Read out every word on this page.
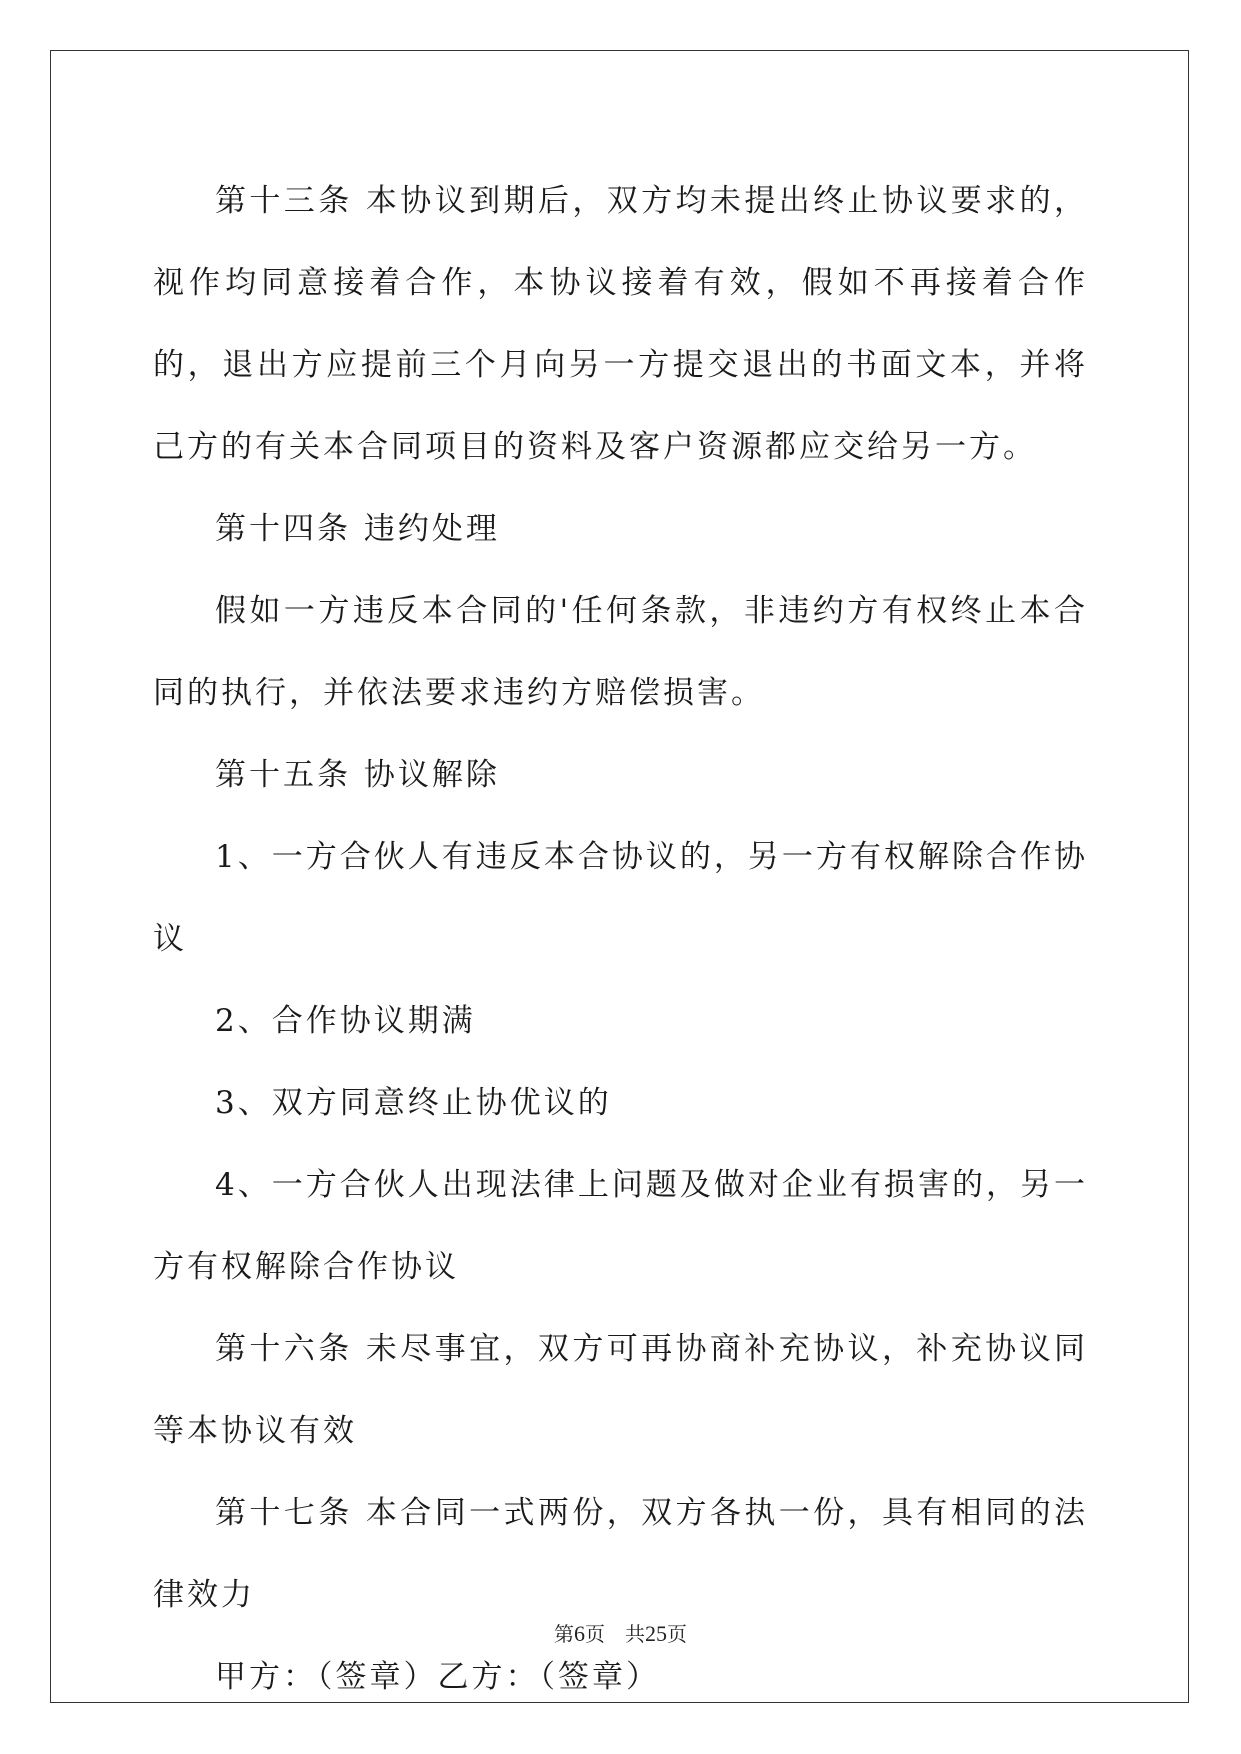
第十三条 本协议到期后，双方均未提出终止协议要求的，视作均同意接着合作，本协议接着有效，假如不再接着合作的，退出方应提前三个月向另一方提交退出的书面文本，并将己方的有关本合同项目的资料及客户资源都应交给另一方。

第十四条 违约处理

假如一方违反本合同的'任何条款，非违约方有权终止本合同的执行，并依法要求违约方赔偿损害。

第十五条 协议解除

1、一方合伙人有违反本合协议的，另一方有权解除合作协议

2、合作协议期满

3、双方同意终止协优议的

4、一方合伙人出现法律上问题及做对企业有损害的，另一方有权解除合作协议

第十六条 未尽事宜，双方可再协商补充协议，补充协议同等本协议有效

第十七条 本合同一式两份，双方各执一份，具有相同的法律效力

甲方：（签章）乙方：（签章）

第6页 共25页
